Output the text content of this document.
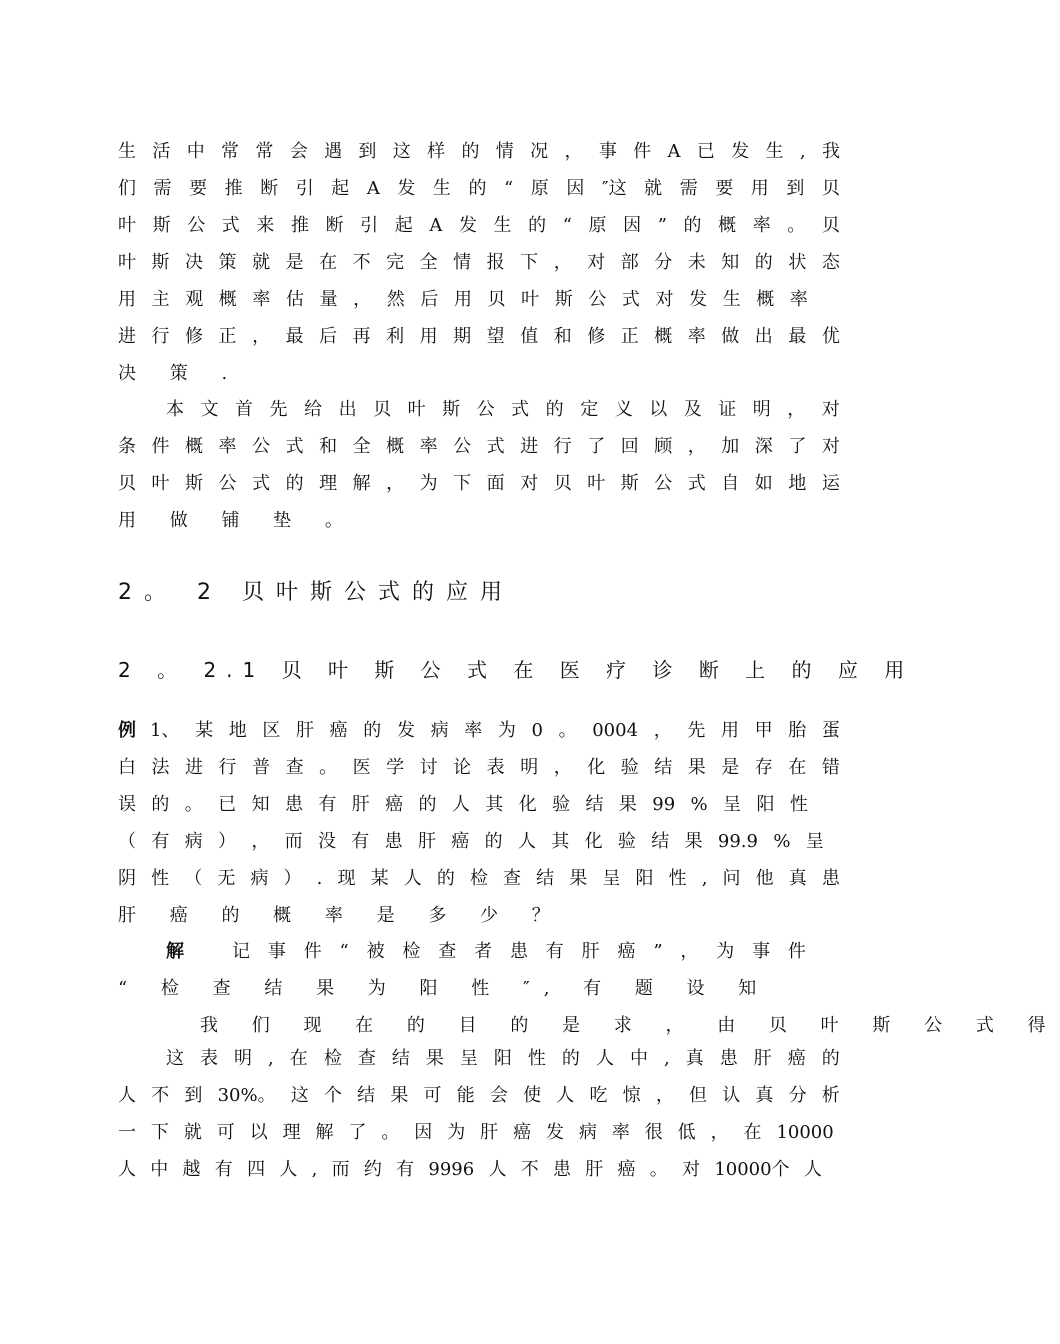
生 活 中 常 常 会 遇 到 这 样 的 情 况 ， 事 件 A 已 发 生 , 我
们 需 要 推 断 引 起 A 发 生 的 “ 原 因 ″这 就 需 要 用 到 贝
叶 斯 公 式 来 推 断 引 起 A 发 生 的 “ 原 因 ” 的 概 率 。 贝
叶 斯 决 策 就 是 在 不 完 全 情 报 下 ， 对 部 分 未 知 的 状 态
用 主 观 概 率 估 量 ， 然 后 用 贝 叶 斯 公 式 对 发 生 概 率
进 行 修 正 ， 最 后 再 利 用 期 望 值 和 修 正 概 率 做 出 最 优
决 策 .
本 文 首 先 给 出 贝 叶 斯 公 式 的 定 义 以 及 证 明 ， 对
条 件 概 率 公 式 和 全 概 率 公 式 进 行 了 回 顾 ， 加 深 了 对
贝 叶 斯 公 式 的 理 解 ， 为 下 面 对 贝 叶 斯 公 式 自 如 地 运
用 做 铺 垫 。
2。 2 贝叶斯公式的应用
2 。 2.1 贝 叶 斯 公 式 在 医 疗 诊 断 上 的 应 用
例 1、 某 地 区 肝 癌 的 发 病 率 为 0 。 0004 ， 先 用 甲 胎 蛋
白 法 进 行 普 查 。 医 学 讨 论 表 明 ， 化 验 结 果 是 存 在 错
误 的 。 已 知 患 有 肝 癌 的 人 其 化 验 结 果 99 % 呈 阳 性
（ 有 病 ） ， 而 没 有 患 肝 癌 的 人 其 化 验 结 果 99.9 % 呈
阴 性 （ 无 病 ） . 现 某 人 的 检 查 结 果 呈 阳 性 , 问 他 真 患
肝 癌 的 概 率 是 多 少 ？
解	记 事 件 “ 被 检 查 者 患 有 肝 癌 ” ， 为 事 件
“ 检 查 结 果 为 阳 性 ″, 有 题 设 知
我 们 现 在 的 目 的 是 求 ， 由 贝 叶 斯 公 式 得
这 表 明 , 在 检 查 结 果 呈 阳 性 的 人 中 , 真 患 肝 癌 的
人 不 到 30%。 这 个 结 果 可 能 会 使 人 吃 惊 ， 但 认 真 分 析
一 下 就 可 以 理 解 了 。 因 为 肝 癌 发 病 率 很 低 ， 在 10000
人 中 越 有 四 人 , 而 约 有 9996 人 不 患 肝 癌 。 对 10000个 人
